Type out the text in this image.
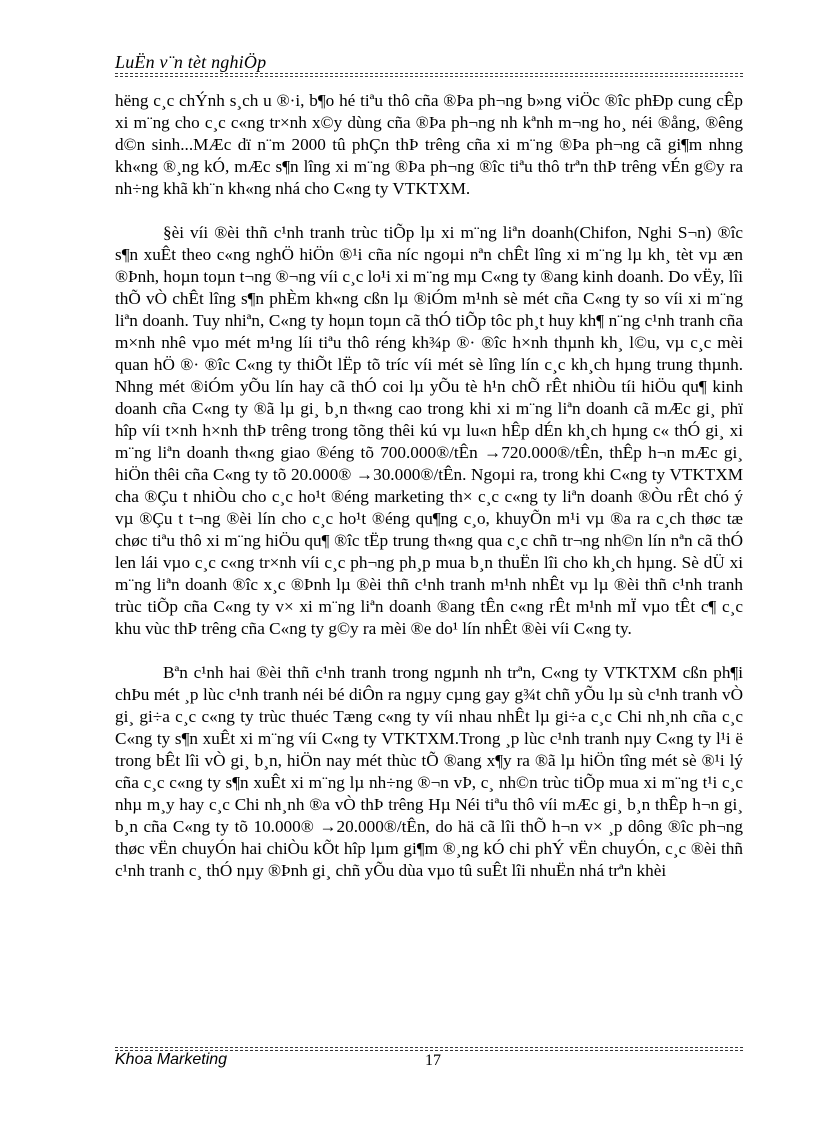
LuËn v¨n tèt nghiÖp

hëng c¸c chÝnh s¸ch u ®·i, b¶o hé tiªu thô cña ®Þa ph¬ng b»ng viÖc ®îc phÐp cung cÊp xi m¨ng cho c¸c c«ng tr×nh x©y dùng cña ®Þa ph¬ng nh kªnh m¬ng ho¸ néi ®ång, ®êng d©n sinh...MÆc dï n¨m 2000 tû phÇn thÞ trêng cña xi m¨ng ®Þa ph¬ng cã gi¶m nhng kh«ng ®¸ng kÓ, mÆc s¶n lîng xi m¨ng ®Þa ph¬ng ®îc tiªu thô trªn thÞ trêng vÉn g©y ra nh÷ng khã kh¨n kh«ng nhá cho C«ng ty VTKTXM.

§èi víi ®èi thñ c¹nh tranh trùc tiÕp lµ xi m¨ng liªn doanh(Chifon, Nghi S¬n) ®îc s¶n xuÊt theo c«ng nghÖ hiÖn ®¹i cña níc ngoµi nªn chÊt lîng xi m¨ng lµ kh¸ tèt vµ æn ®Þnh, hoµn toµn t¬ng ®¬ng víi c¸c lo¹i xi m¨ng mµ C«ng ty ®ang kinh doanh. Do vËy, lîi thÕ vÒ chÊt lîng s¶n phÈm kh«ng cßn lµ ®iÓm m¹nh sè mét cña C«ng ty so víi xi m¨ng liªn doanh. Tuy nhiªn, C«ng ty hoµn toµn cã thÓ tiÕp tôc ph¸t huy kh¶ n¨ng c¹nh tranh cña m×nh nhê vµo mét m¹ng líi tiªu thô réng kh¾p ®· ®îc h×nh thµnh kh¸ l©u, vµ c¸c mèi quan hÖ ®· ®îc C«ng ty thiÕt lËp tõ tríc víi mét sè lîng lín c¸c kh¸ch hµng trung thµnh. Nhng mét ®iÓm yÕu lín hay cã thÓ coi lµ yÕu tè h¹n chÕ rÊt nhiÒu tíi hiÖu qu¶ kinh doanh cña C«ng ty ®ã lµ gi¸ b¸n th«ng cao trong khi xi m¨ng liªn doanh cã mÆc gi¸ phï hîp víi t×nh h×nh thÞ trêng trong tõng thêi kú vµ lu«n hÊp dÉn kh¸ch hµng c« thÓ gi¸ xi m¨ng liªn doanh th«ng giao ®éng tõ 700.000®/tÊn →720.000®/tÊn, thÊp h¬n mÆc gi¸ hiÖn thêi cña C«ng ty tõ 20.000® →30.000®/tÊn. Ngoµi ra, trong khi C«ng ty VTKTXM cha ®Çu t nhiÒu cho c¸c ho¹t ®éng marketing th× c¸c c«ng ty liªn doanh ®Òu rÊt chó ý vµ ®Çu t t¬ng ®èi lín cho c¸c ho¹t ®éng qu¶ng c¸o, khuyÕn m¹i vµ ®a ra c¸ch thøc tæ chøc tiªu thô xi m¨ng hiÖu qu¶ ®îc tËp trung th«ng qua c¸c chñ tr¬ng nh©n lín nªn cã thÓ len lái vµo c¸c c«ng tr×nh víi c¸c ph¬ng ph¸p mua b¸n thuËn lîi cho kh¸ch hµng. Sè dÜ xi m¨ng liªn doanh ®îc x¸c ®Þnh lµ ®èi thñ c¹nh tranh m¹nh nhÊt vµ lµ ®èi thñ c¹nh tranh trùc tiÕp cña C«ng ty v× xi m¨ng liªn doanh ®ang tÊn c«ng rÊt m¹nh mÏ vµo tÊt c¶ c¸c khu vùc thÞ trêng cña C«ng ty g©y ra mèi ®e do¹ lín nhÊt ®èi víi C«ng ty.

Bªn c¹nh hai ®èi thñ c¹nh tranh trong ngµnh nh trªn, C«ng ty VTKTXM cßn ph¶i chÞu mét ¸p lùc c¹nh tranh néi bé diÔn ra ngµy cµng gay g¾t chñ yÕu lµ sù c¹nh tranh vÒ gi¸ gi÷a c¸c c«ng ty trùc thuéc Tæng c«ng ty víi nhau nhÊt lµ gi÷a c¸c Chi nh¸nh cña c¸c C«ng ty s¶n xuÊt xi m¨ng víi C«ng ty VTKTXM.Trong ¸p lùc c¹nh tranh nµy C«ng ty l¹i ë trong bÊt lîi vÒ gi¸ b¸n, hiÖn nay mét thùc tÕ ®ang x¶y ra ®ã lµ hiÖn tîng mét sè ®¹i lý cña c¸c c«ng ty s¶n xuÊt xi m¨ng lµ nh÷ng ®¬n vÞ, c¸ nh©n trùc tiÕp mua xi m¨ng t¹i c¸c nhµ m¸y hay c¸c Chi nh¸nh ®a vÒ thÞ trêng Hµ Néi tiªu thô víi mÆc gi¸ b¸n thÊp h¬n gi¸ b¸n cña C«ng ty tõ 10.000® →20.000®/tÊn, do hä cã lîi thÕ h¬n v× ¸p dông ®îc ph¬ng thøc vËn chuyÓn hai chiÒu kÕt hîp lµm gi¶m ®¸ng kÓ chi phÝ vËn chuyÓn, c¸c ®èi thñ c¹nh tranh c¸ thÓ nµy ®Þnh gi¸ chñ yÕu dùa vµo tû suÊt lîi nhuËn nhá trªn khèi

Khoa Marketing	17
